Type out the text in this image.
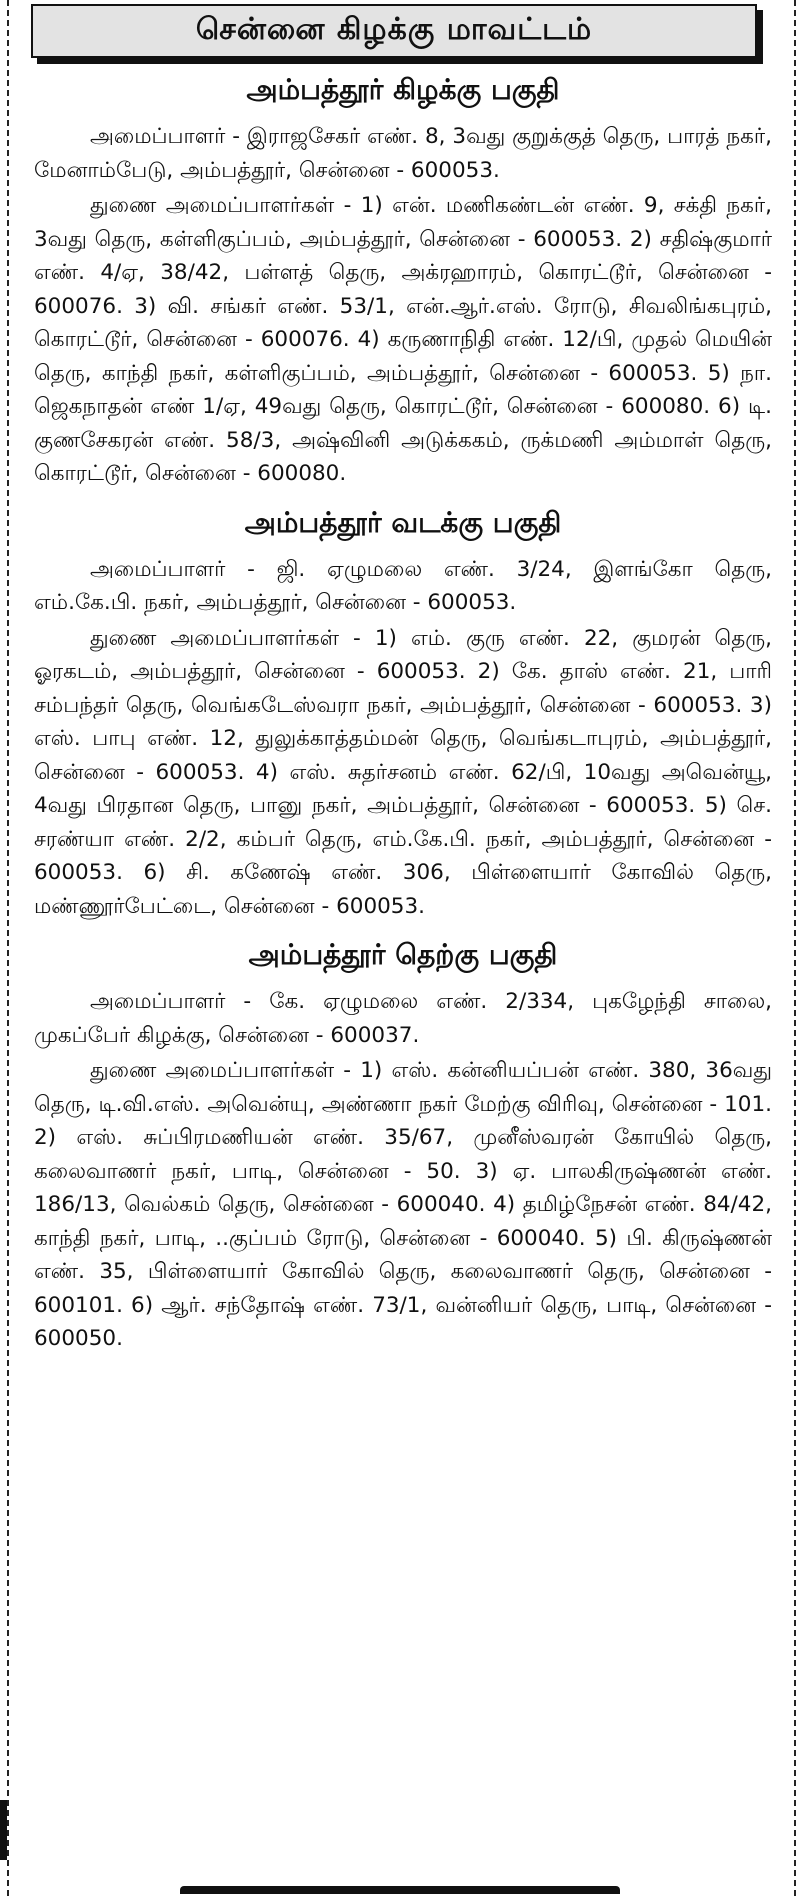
சென்னை கிழக்கு மாவட்டம்
அம்பத்தூர் கிழக்கு பகுதி

அமைப்பாளர் - இராஜசேகர் எண். 8, 3வது குறுக்குத் தெரு, பாரத் நகர், மேனாம்பேடு, அம்பத்தூர், சென்னை - 600053.

துணை அமைப்பாளர்கள் - 1) என். மணிகண்டன் எண். 9, சக்தி நகர், 3வது தெரு, கள்ளிகுப்பம், அம்பத்தூர், சென்னை - 600053. 2) சதிஷ்குமார் எண். 4/ஏ, 38/42, பள்ளத் தெரு, அக்ரஹாரம், கொரட்டூர், சென்னை - 600076. 3) வி. சங்கர் எண். 53/1, என்.ஆர்.எஸ். ரோடு, சிவலிங்கபுரம், கொரட்டூர், சென்னை - 600076. 4) கருணாநிதி எண். 12/பி, முதல் மெயின் தெரு, காந்தி நகர், கள்ளிகுப்பம், அம்பத்தூர், சென்னை - 600053. 5) நா. ஜெகநாதன் எண் 1/ஏ, 49வது தெரு, கொரட்டூர், சென்னை - 600080. 6) டி. குணசேகரன் எண். 58/3, அஷ்வினி அடுக்ககம், ருக்மணி அம்மாள் தெரு, கொரட்டூர், சென்னை - 600080.

அம்பத்தூர் வடக்கு பகுதி

அமைப்பாளர் - ஜி. ஏழுமலை எண். 3/24, இளங்கோ தெரு, எம்.கே.பி. நகர், அம்பத்தூர், சென்னை - 600053.

துணை அமைப்பாளர்கள் - 1) எம். குரு எண். 22, குமரன் தெரு, ஓரகடம், அம்பத்தூர், சென்னை - 600053. 2) கே. தாஸ் எண். 21, பாரி சம்பந்தர் தெரு, வெங்கடேஸ்வரா நகர், அம்பத்தூர், சென்னை - 600053. 3) எஸ். பாபு எண். 12, துலுக்காத்தம்மன் தெரு, வெங்கடாபுரம், அம்பத்தூர், சென்னை - 600053. 4) எஸ். சுதர்சனம் எண். 62/பி, 10வது அவென்யூ, 4வது பிரதான தெரு, பானு நகர், அம்பத்தூர், சென்னை - 600053. 5) செ. சரண்யா எண். 2/2, கம்பர் தெரு, எம்.கே.பி. நகர், அம்பத்தூர், சென்னை - 600053. 6) சி. கணேஷ் எண். 306, பிள்ளையார் கோவில் தெரு, மண்ணூர்பேட்டை, சென்னை - 600053.

அம்பத்தூர் தெற்கு பகுதி

அமைப்பாளர் - கே. ஏழுமலை எண். 2/334, புகழேந்தி சாலை, முகப்பேர் கிழக்கு, சென்னை - 600037.

துணை அமைப்பாளர்கள் - 1) எஸ். கன்னியப்பன் எண். 380, 36வது தெரு, டி.வி.எஸ். அவென்யு, அண்ணா நகர் மேற்கு விரிவு, சென்னை - 101. 2) எஸ். சுப்பிரமணியன் எண். 35/67, முனீஸ்வரன் கோயில் தெரு, கலைவாணர் நகர், பாடி, சென்னை - 50. 3) ஏ. பாலகிருஷ்ணன் எண். 186/13, வெல்கம் தெரு, சென்னை - 600040. 4) தமிழ்நேசன் எண். 84/42, காந்தி நகர், பாடி, ..குப்பம் ரோடு, சென்னை - 600040. 5) பி. கிருஷ்ணன் எண். 35, பிள்ளையார் கோவில் தெரு, கலைவாணர் தெரு, சென்னை - 600101. 6) ஆர். சந்தோஷ் எண். 73/1, வன்னியர் தெரு, பாடி, சென்னை - 600050.
